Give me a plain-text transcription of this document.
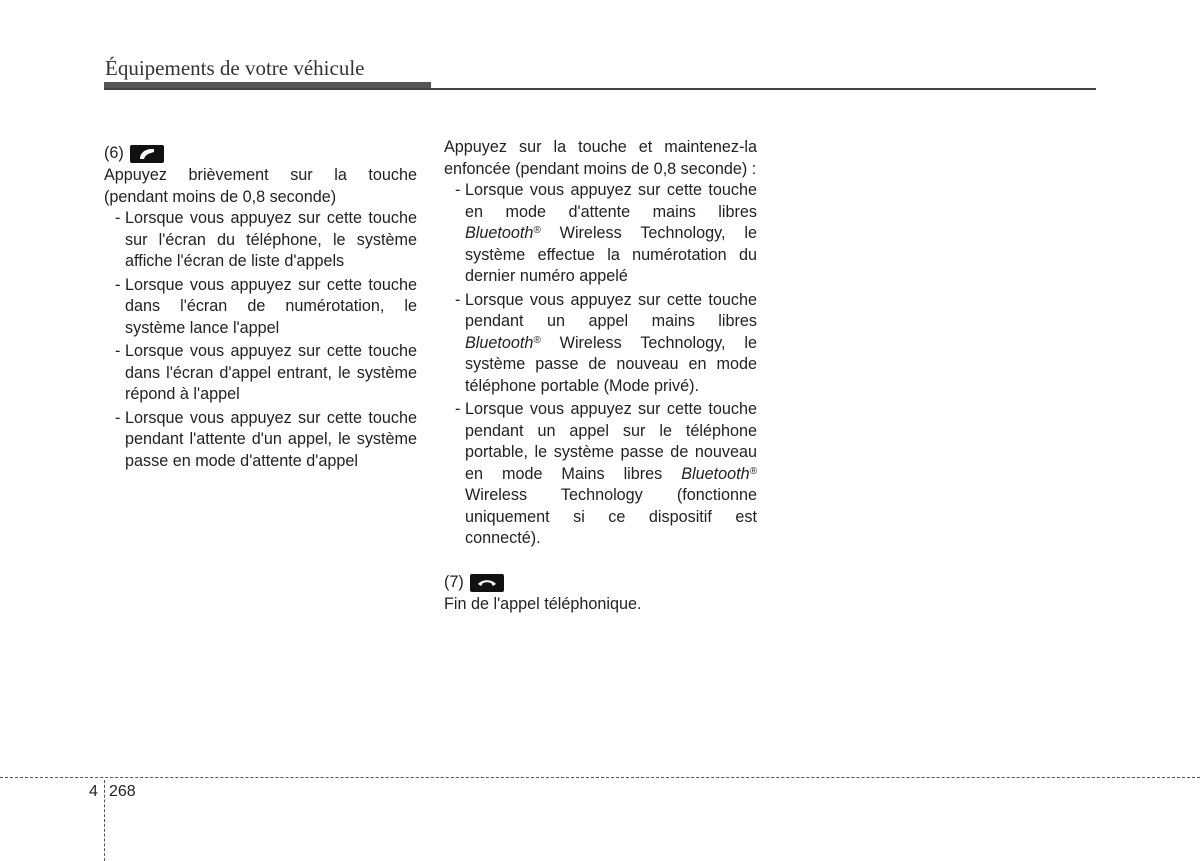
Équipements de votre véhicule
(6)

Appuyez brièvement sur la touche (pendant moins de 0,8 seconde)

- Lorsque vous appuyez sur cette touche sur l'écran du téléphone, le système affiche l'écran de liste d'appels
- Lorsque vous appuyez sur cette touche dans l'écran de numérotation, le système lance l'appel
- Lorsque vous appuyez sur cette touche dans l'écran d'appel entrant, le système répond à l'appel
- Lorsque vous appuyez sur cette touche pendant l'attente d'un appel, le système passe en mode d'attente d'appel

Appuyez sur la touche et maintenez-la enfoncée (pendant moins de 0,8 seconde) :

- Lorsque vous appuyez sur cette touche en mode d'attente mains libres Bluetooth® Wireless Technology, le système effectue la numérotation du dernier numéro appelé
- Lorsque vous appuyez sur cette touche pendant un appel mains libres Bluetooth® Wireless Technology, le système passe de nouveau en mode téléphone portable (Mode privé).
- Lorsque vous appuyez sur cette touche pendant un appel sur le téléphone portable, le système passe de nouveau en mode Mains libres Bluetooth® Wireless Technology (fonctionne uniquement si ce dispositif est connecté).
(7)

Fin de l'appel téléphonique.

4 268
